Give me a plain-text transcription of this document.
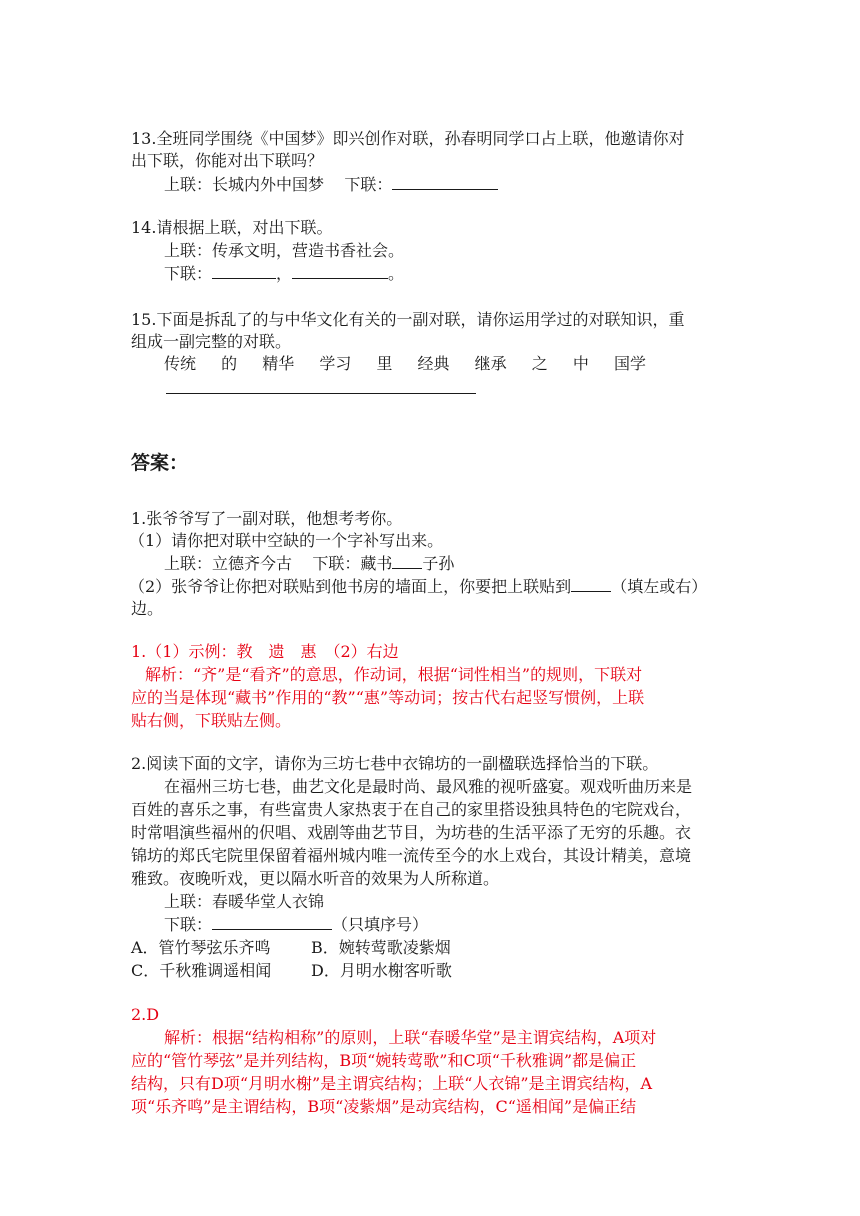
13.全班同学围绕《中国梦》即兴创作对联，孙春明同学口占上联，他邀请你对
出下联，你能对出下联吗？
上联：长城内外中国梦 下联：
14.请根据上联，对出下联。
上联：传承文明，营造书香社会。
下联：	，	。
15.下面是拆乱了的与中华文化有关的一副对联，请你运用学过的对联知识，重
组成一副完整的对联。
传统 的 精华 学习 里 经典 继承 之 中 国学
答案：
1.张爷爷写了一副对联，他想考考你。
（1）请你把对联中空缺的一个字补写出来。
上联：立德齐今古 下联：藏书 子孙
（2）张爷爷让你把对联贴到他书房的墙面上，你要把上联贴到	（填左或右）
边。
1.（1）示例：教　遗　惠　（2）右边
解析：“齐”是“看齐”的意思，作动词，根据“词性相当”的规则，下联对
应的当是体现“藏书”作用的“教”“惠”等动词；按古代右起竖写惯例，上联
贴右侧，下联贴左侧。
2.阅读下面的文字，请你为三坊七巷中衣锦坊的一副楹联选择恰当的下联。
在福州三坊七巷，曲艺文化是最时尚、最风雅的视听盛宴。观戏听曲历来是
百姓的喜乐之事，有些富贵人家热衷于在自己的家里搭设独具特色的宅院戏台，
时常唱演些福州的伬唱、戏剧等曲艺节目，为坊巷的生活平添了无穷的乐趣。衣
锦坊的郑氏宅院里保留着福州城内唯一流传至今的水上戏台，其设计精美，意境
雅致。夜晚听戏，更以隔水听音的效果为人所称道。
上联：春暖华堂人衣锦
下联：	（只填序号）
A．管竹琴弦乐齐鸣	B．婉转莺歌凌紫烟
C．千秋雅调遥相闻 D．月明水榭客听歌
2.D
解析：根据“结构相称”的原则，上联“春暖华堂”是主谓宾结构，A项对
应的“管竹琴弦”是并列结构，B项“婉转莺歌”和C项“千秋雅调”都是偏正
结构，只有D项“月明水榭”是主谓宾结构；上联“人衣锦”是主谓宾结构，A
项“乐齐鸣”是主谓结构，B项“凌紫烟”是动宾结构，C“遥相闻”是偏正结
